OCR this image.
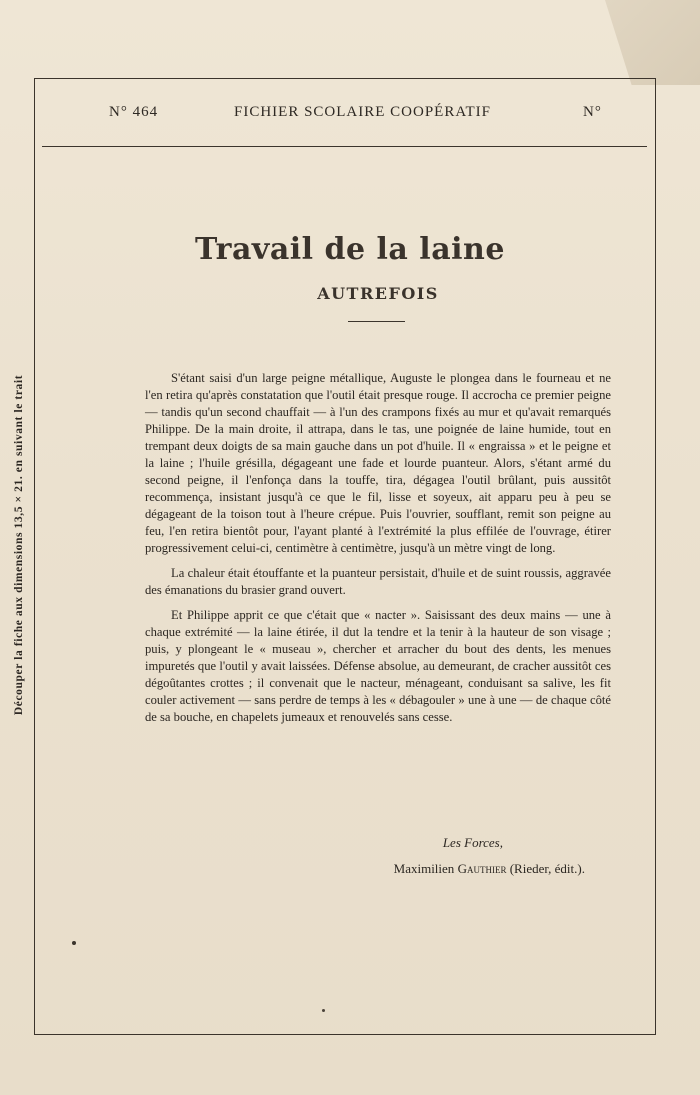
N° 464	FICHIER SCOLAIRE COOPÉRATIF	N°
Découper la fiche aux dimensions 13,5 × 21. en suivant le trait
Travail de la laine
AUTREFOIS

S'étant saisi d'un large peigne métallique, Auguste le plongea dans le fourneau et ne l'en retira qu'après constatation que l'outil était presque rouge. Il accrocha ce premier peigne — tandis qu'un second chauffait — à l'un des crampons fixés au mur et qu'avait remarqués Philippe. De la main droite, il attrapa, dans le tas, une poignée de laine humide, tout en trempant deux doigts de sa main gauche dans un pot d'huile. Il « engraissa » et le peigne et la laine ; l'huile grésilla, dégageant une fade et lourde puanteur. Alors, s'étant armé du second peigne, il l'enfonça dans la touffe, tira, dégagea l'outil brûlant, puis aussitôt recommença, insistant jusqu'à ce que le fil, lisse et soyeux, ait apparu peu à peu se dégageant de la toison tout à l'heure crépue. Puis l'ouvrier, soufflant, remit son peigne au feu, l'en retira bientôt pour, l'ayant planté à l'extrémité la plus effilée de l'ouvrage, étirer progressivement celui-ci, centimètre à centimètre, jusqu'à un mètre vingt de long.

La chaleur était étouffante et la puanteur persistait, d'huile et de suint roussis, aggravée des émanations du brasier grand ouvert.

Et Philippe apprit ce que c'était que « nacter ». Saisissant des deux mains — une à chaque extrémité — la laine étirée, il dut la tendre et la tenir à la hauteur de son visage ; puis, y plongeant le « museau », chercher et arracher du bout des dents, les menues impuretés que l'outil y avait laissées. Défense absolue, au demeurant, de cracher aussitôt ces dégoûtantes crottes ; il convenait que le nacteur, ménageant, conduisant sa salive, les fit couler activement — sans perdre de temps à les « débagouler » une à une — de chaque côté de sa bouche, en chapelets jumeaux et renouvelés sans cesse.

Les Forces,
Maximilien Gauthier (Rieder, édit.).
